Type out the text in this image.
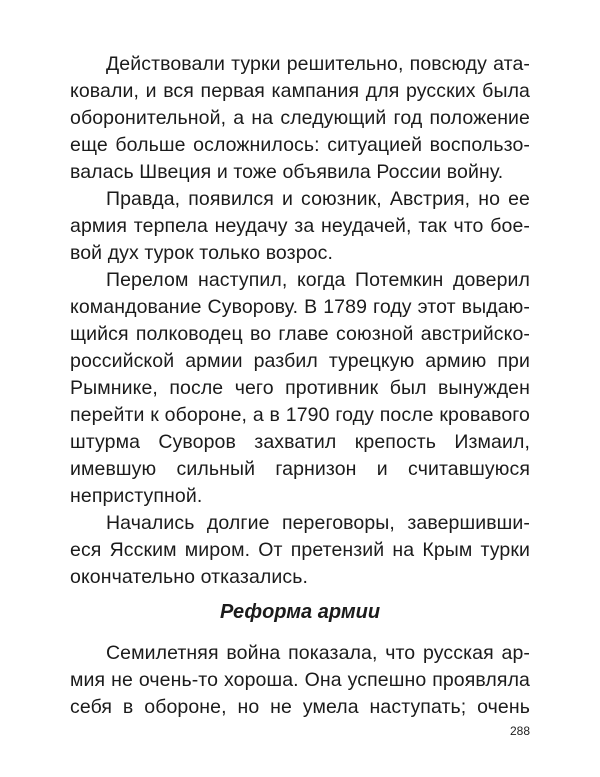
Действовали турки решительно, повсюду ата-
ковали, и вся первая кампания для русских была
оборонительной, а на следующий год положение
еще больше осложнилось: ситуацией воспользо-
валась Швеция и тоже объявила России войну.
Правда, появился и союзник, Австрия, но ее
армия терпела неудачу за неудачей, так что бое-
вой дух турок только возрос.
Перелом наступил, когда Потемкин доверил
командование Суворову. В 1789 году этот выдаю-
щийся полководец во главе союзной австрийско-
российской армии разбил турецкую армию при
Рымнике, после чего противник был вынужден
перейти к обороне, а в 1790 году после кровавого
штурма Суворов захватил крепость Измаил,
имевшую сильный гарнизон и считавшуюся
неприступной.
Начались долгие переговоры, завершивши-
еся Ясским миром. От претензий на Крым турки
окончательно отказались.
Реформа армии
Семилетняя война показала, что русская ар-
мия не очень-то хороша. Она успешно проявляла
себя в обороне, но не умела наступать; очень
288
